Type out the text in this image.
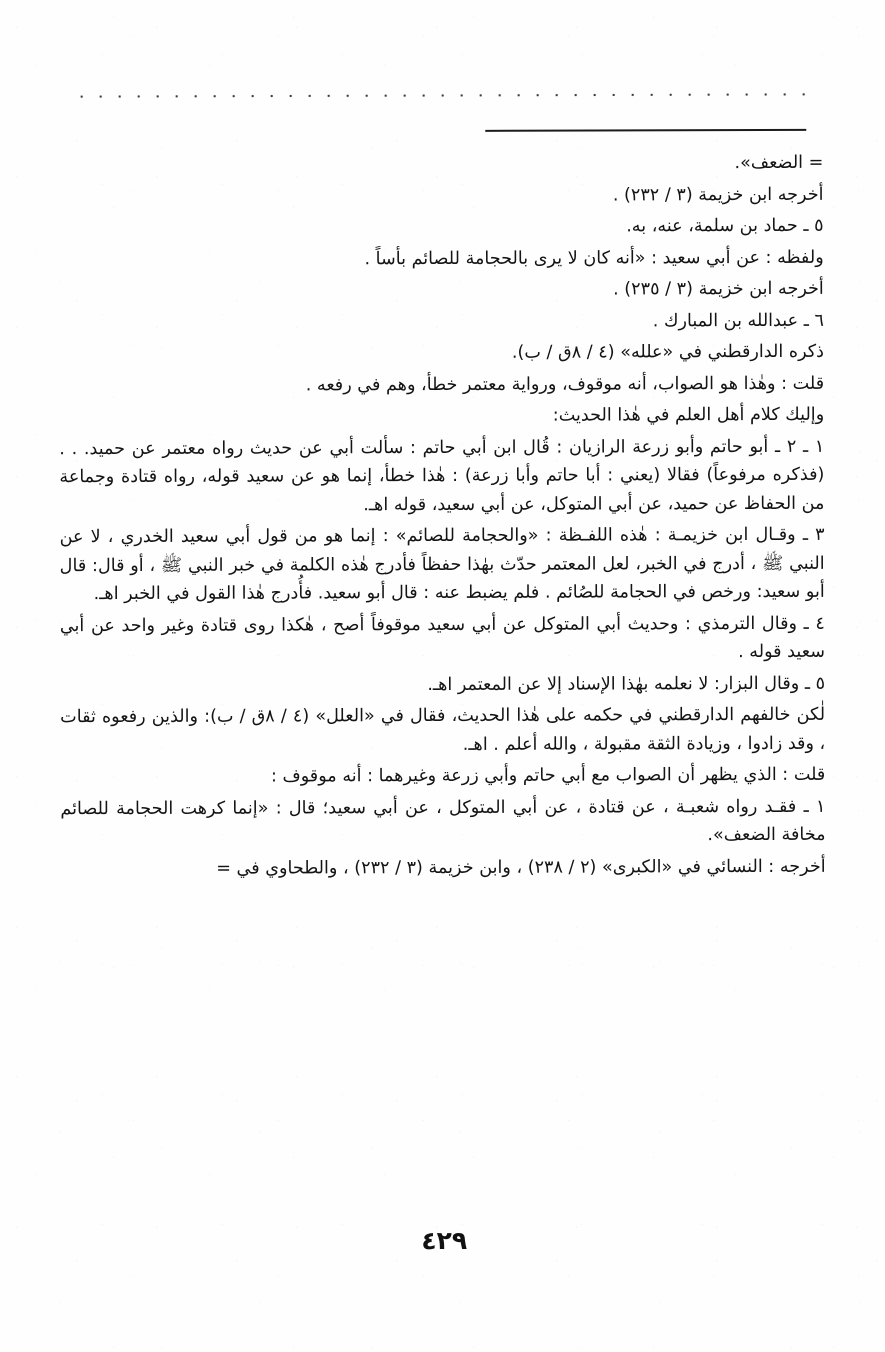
= الضعف».

أخرجه ابن خزيمة (٣ / ٢٣٢) .

٥ ـ حماد بن سلمة، عنه، به.

ولفظه : عن أبي سعيد : «أنه كان لا يرى بالحجامة للصائم بأساً .

أخرجه ابن خزيمة (٣ / ٢٣٥) .

٦ ـ عبدالله بن المبارك .

ذكره الدارقطني في «علله» (٤ / ٨ق / ب).

قلت : وهٰذا هو الصواب، أنه موقوف، ورواية معتمر خطأ، وهم في رفعه .

وإليك كلام أهل العلم في هٰذا الحديث:

١ ـ ٢ ـ أبو حاتم وأبو زرعة الرازيان : قُال ابن أبي حاتم : سألت أبي عن حديث رواه معتمر عن حميد. . . (فذكره مرفوعاً) فقالا (يعني : أبا حاتم وأبا زرعة) : هٰذا خطأ، إنما هو عن سعيد قوله، رواه قتادة وجماعة من الحفاظ عن حميد، عن أبي المتوكل، عن أبي سعيد، قوله اهـ.

٣ ـ وقـال ابن خزيمـة : هٰذه اللفـظة : «والحجامة للصائم» : إنما هو من قول أبي سعيد الخدري ، لا عن النبي ﷺ ، أدرج في الخبر، لعل المعتمر حدّث بهٰذا حفظاً فأدرج هٰذه الكلمة في خبر النبي ﷺ ، أو قال: قال أبو سعيد: ورخص في الحجامة للصُائم . فلم يضبط عنه : قال أبو سعيد. فأُدرج هٰذا القول في الخبر اهـ.

٤ ـ وقال الترمذي : وحديث أبي المتوكل عن أبي سعيد موقوفاً أصح ، هٰكذا روى قتادة وغير واحد عن أبي سعيد قوله .

٥ ـ وقال البزار: لا نعلمه بهٰذا الإسناد إلا عن المعتمر اهـ.

لٰكن خالفهم الدارقطني في حكمه على هٰذا الحديث، فقال في «العلل» (٤ / ٨ق / ب): والذين رفعوه ثقات ، وقد زادوا ، وزيادة الثقة مقبولة ، والله أعلم . اهـ.

قلت : الذي يظهر أن الصواب مع أبي حاتم وأبي زرعة وغيرهما : أنه موقوف :

١ ـ فقـد رواه شعبـة ، عن قتادة ، عن أبي المتوكل ، عن أبي سعيد؛ قال : «إنما كرهت الحجامة للصائم مخافة الضعف».

أخرجه : النسائي في «الكبرى» (٢ / ٢٣٨) ، وابن خزيمة (٣ / ٢٣٢) ، والطحاوي في =

٤٢٩
